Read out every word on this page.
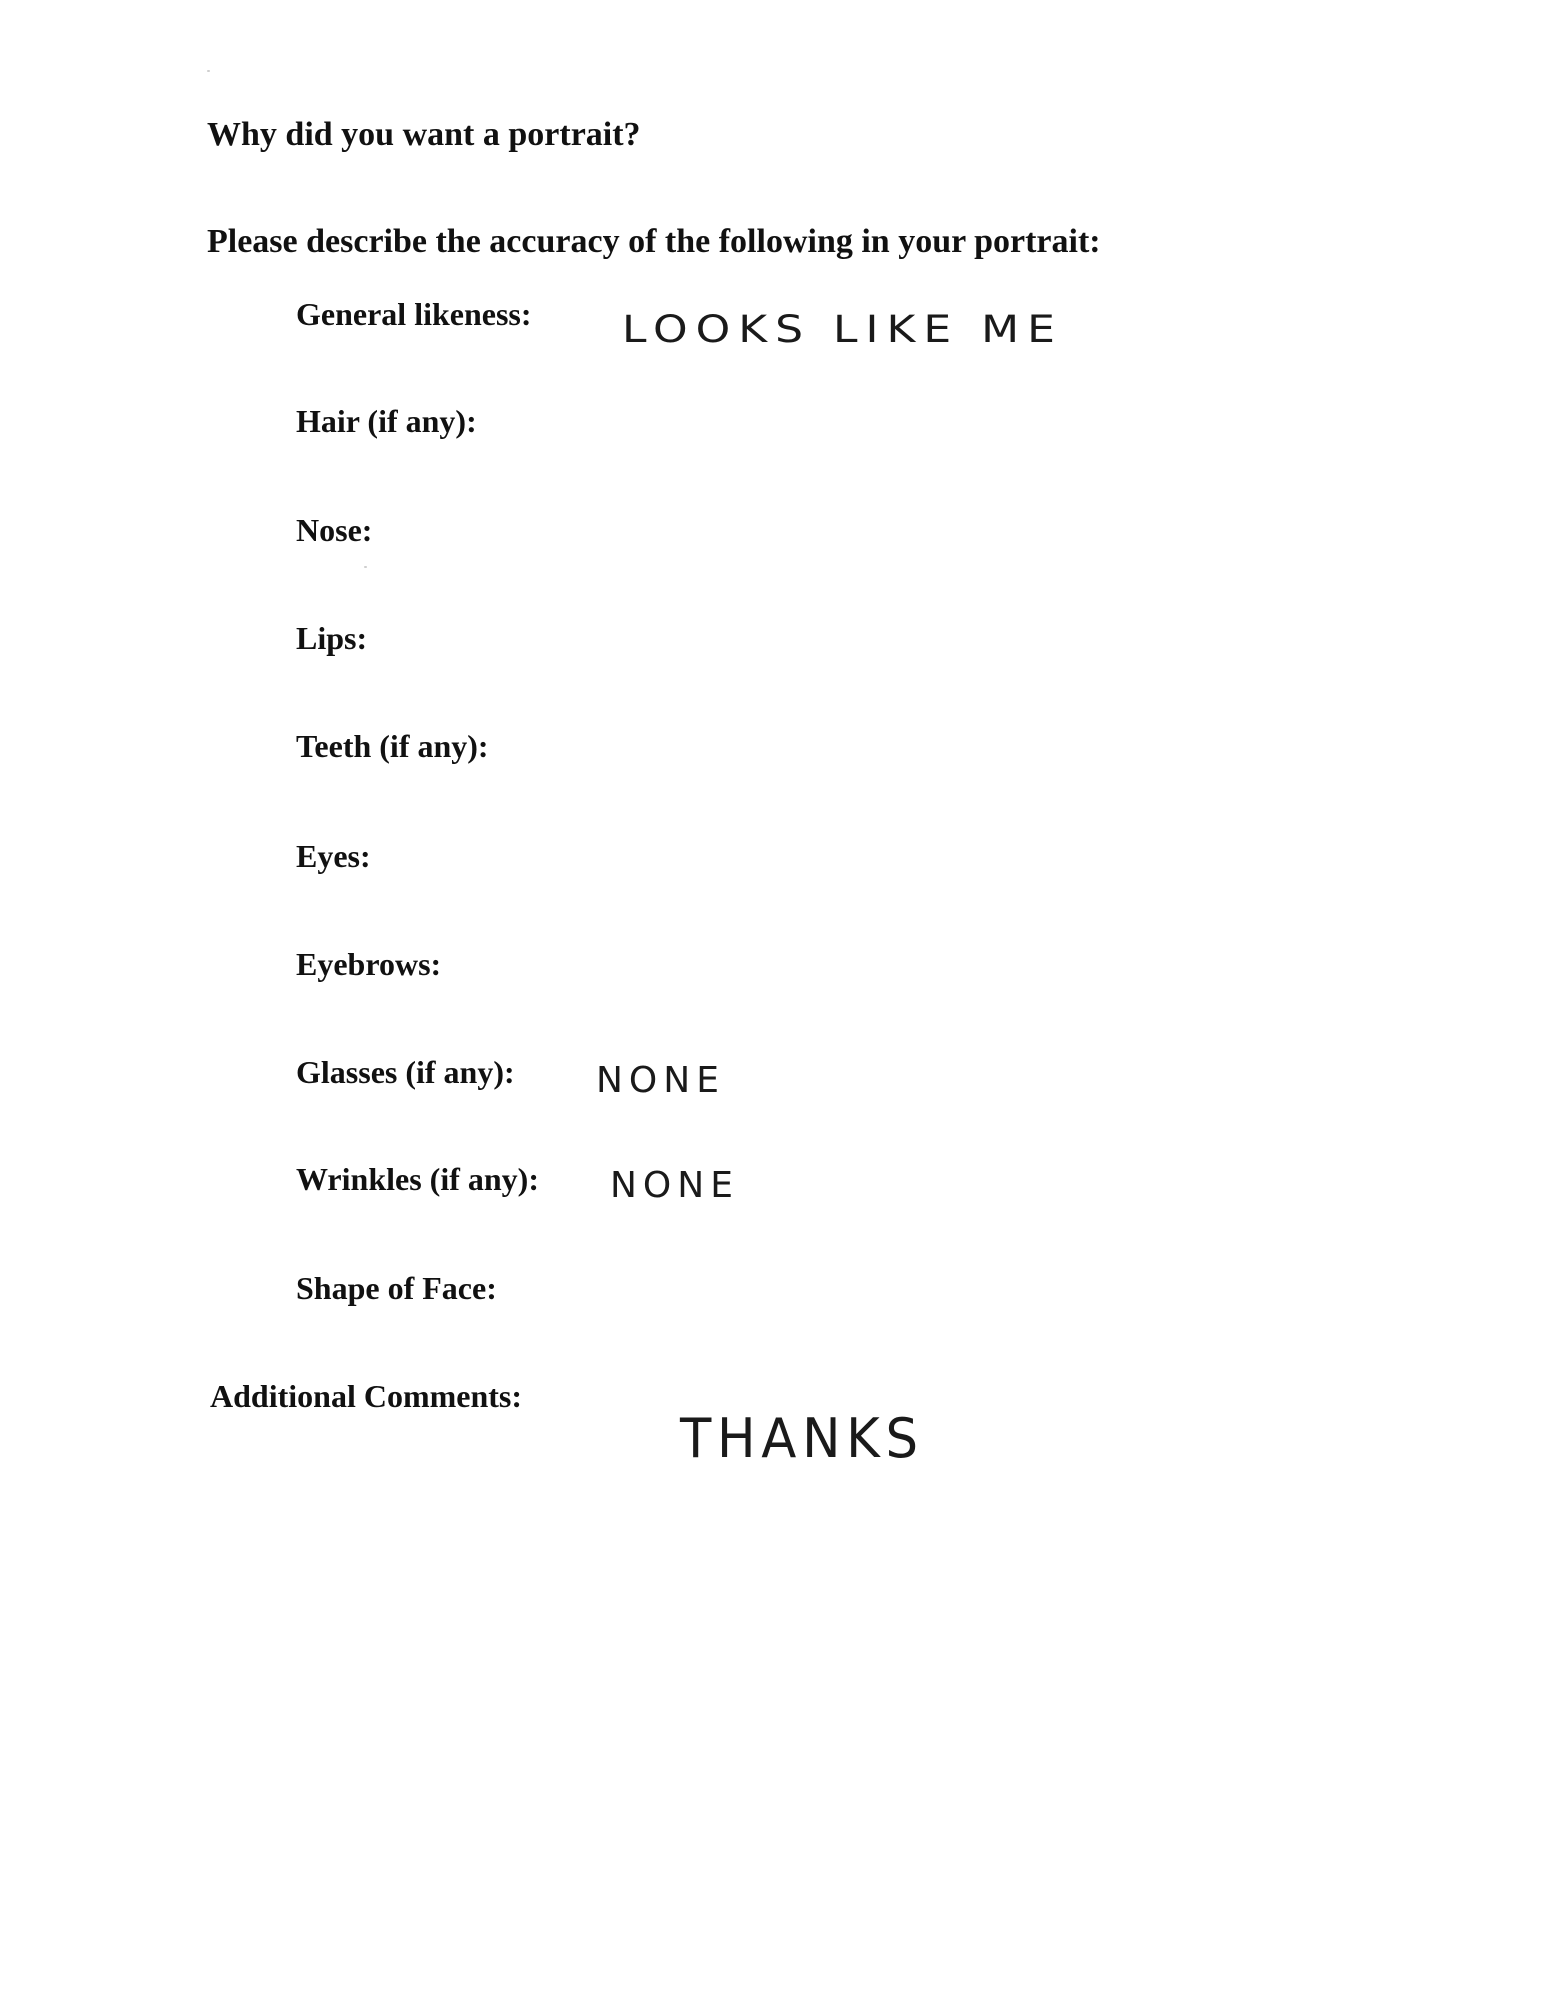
Why did you want a portrait?
Please describe the accuracy of the following in your portrait:
General likeness: LOOKS LIKE ME
Hair (if any):
Nose:
Lips:
Teeth (if any):
Eyes:
Eyebrows:
Glasses (if any): NONE
Wrinkles (if any): NONE
Shape of Face:
Additional Comments:
THANKS
